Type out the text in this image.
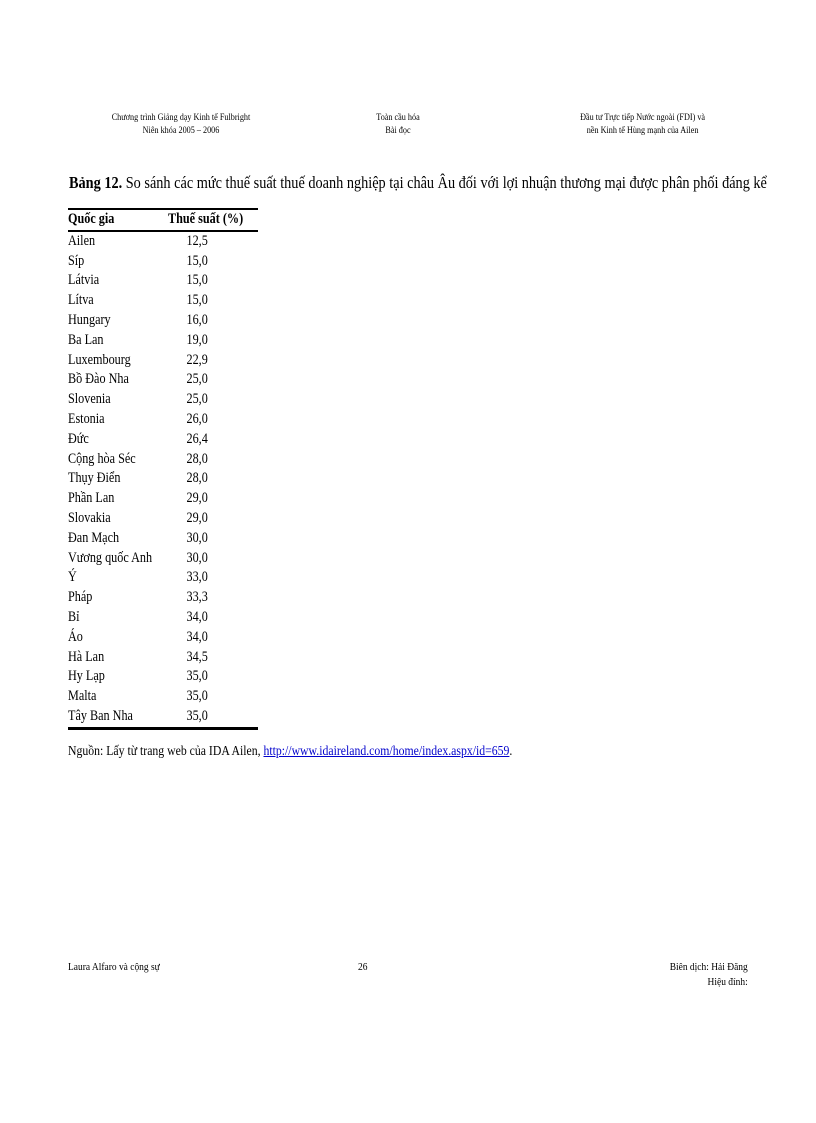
Chương trình Giảng dạy Kinh tế Fulbright
Niên khóa 2005 – 2006
Toàn cầu hóa
Bài đọc
Đầu tư Trực tiếp Nước ngoài (FDI) và
nền Kinh tế Hùng mạnh của Ailen
Bảng 12. So sánh các mức thuế suất thuế doanh nghiệp tại châu Âu đối với lợi nhuận thương mại được phân phối đáng kể
Quốc gia	Thuế suất (%)
Ailen	12,5
Síp	15,0
Látvia	15,0
Lítva	15,0
Hungary	16,0
Ba Lan	19,0
Luxembourg	22,9
Bồ Đào Nha	25,0
Slovenia	25,0
Estonia	26,0
Đức	26,4
Cộng hòa Séc	28,0
Thụy Điển	28,0
Phần Lan	29,0
Slovakia	29,0
Đan Mạch	30,0
Vương quốc Anh	30,0
Ý	33,0
Pháp	33,3
Bỉ	34,0
Áo	34,0
Hà Lan	34,5
Hy Lạp	35,0
Malta	35,0
Tây Ban Nha	35,0
Nguồn: Lấy từ trang web của IDA Ailen, http://www.idaireland.com/home/index.aspx/id=659.
Laura Alfaro và cộng sự	26	Biên dịch: Hải Đăng
Hiệu đính:
